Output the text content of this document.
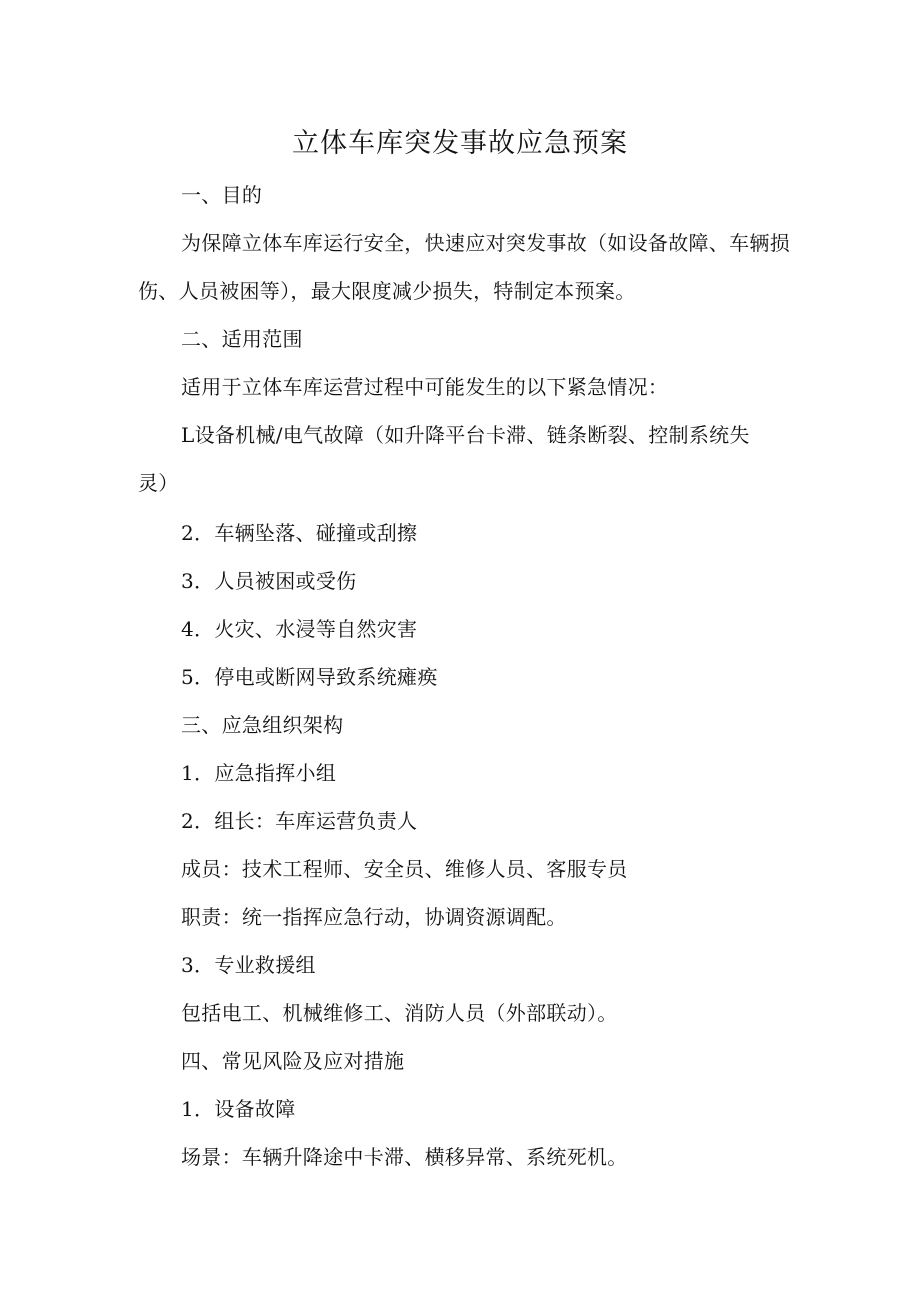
立体车库突发事故应急预案

一、目的

为保障立体车库运行安全，快速应对突发事故（如设备故障、车辆损

伤、人员被困等），最大限度减少损失，特制定本预案。

二、适用范围

适用于立体车库运营过程中可能发生的以下紧急情况：

L设备机械/电气故障（如升降平台卡滞、链条断裂、控制系统失

灵）

2．车辆坠落、碰撞或刮擦

3．人员被困或受伤

4．火灾、水浸等自然灾害

5．停电或断网导致系统瘫痪

三、应急组织架构

1．应急指挥小组

2．组长：车库运营负责人

成员：技术工程师、安全员、维修人员、客服专员

职责：统一指挥应急行动，协调资源调配。

3．专业救援组

包括电工、机械维修工、消防人员（外部联动）。

四、常见风险及应对措施

1．设备故障

场景：车辆升降途中卡滞、横移异常、系统死机。
